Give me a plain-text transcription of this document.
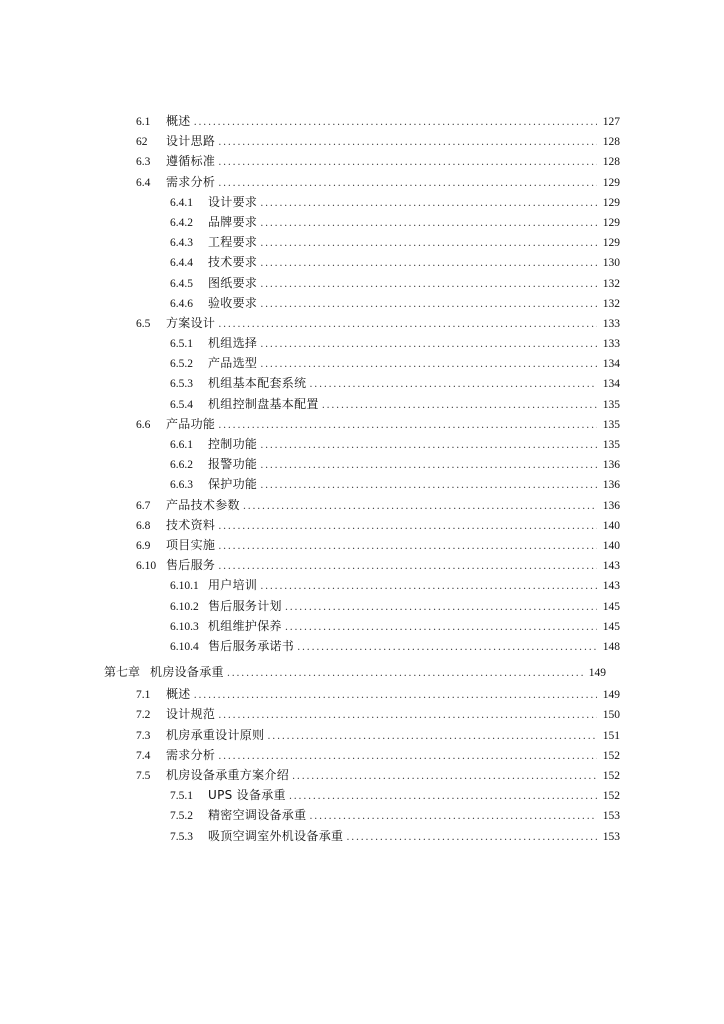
6.1	概述 .....	127
62	设计思路 .....	128
6.3	遵循标准 .....	128
6.4	需求分析 .....	129
6.4.1	设计要求 .....	129
6.4.2	品牌要求 .....	129
6.4.3	工程要求 .....	129
6.4.4	技术要求 .....	130
6.4.5	图纸要求 .....	132
6.4.6	验收要求 .....	132
6.5	方案设计 .....	133
6.5.1	机组选择 .....	133
6.5.2	产品选型 .....	134
6.5.3	机组基本配套系统 .....	134
6.5.4	机组控制盘基本配置 .....	135
6.6	产品功能 .....	135
6.6.1	控制功能 .....	135
6.6.2	报警功能 .....	136
6.6.3	保护功能 .....	136
6.7	产品技术参数 .....	136
6.8	技术资料 .....	140
6.9	项目实施 .....	140
6.10 售后服务 .....	143
6.10.1 用户培训 .....	143
6.10.2 售后服务计划 .....	145
6.10.3 机组维护保养 .....	145
6.10.4 售后服务承诺书 .....	148
第七章 机房设备承重 .....	149
7.1	概述 .....	149
7.2	设计规范 .....	150
7.3	机房承重设计原则 .....	151
7.4	需求分析 .....	152
7.5	机房设备承重方案介绍 .....	152
7.5.1	UPS 设备承重 .....	152
7.5.2	精密空调设备承重 .....	153
7.5.3	吸顶空调室外机设备承重 .....	153
